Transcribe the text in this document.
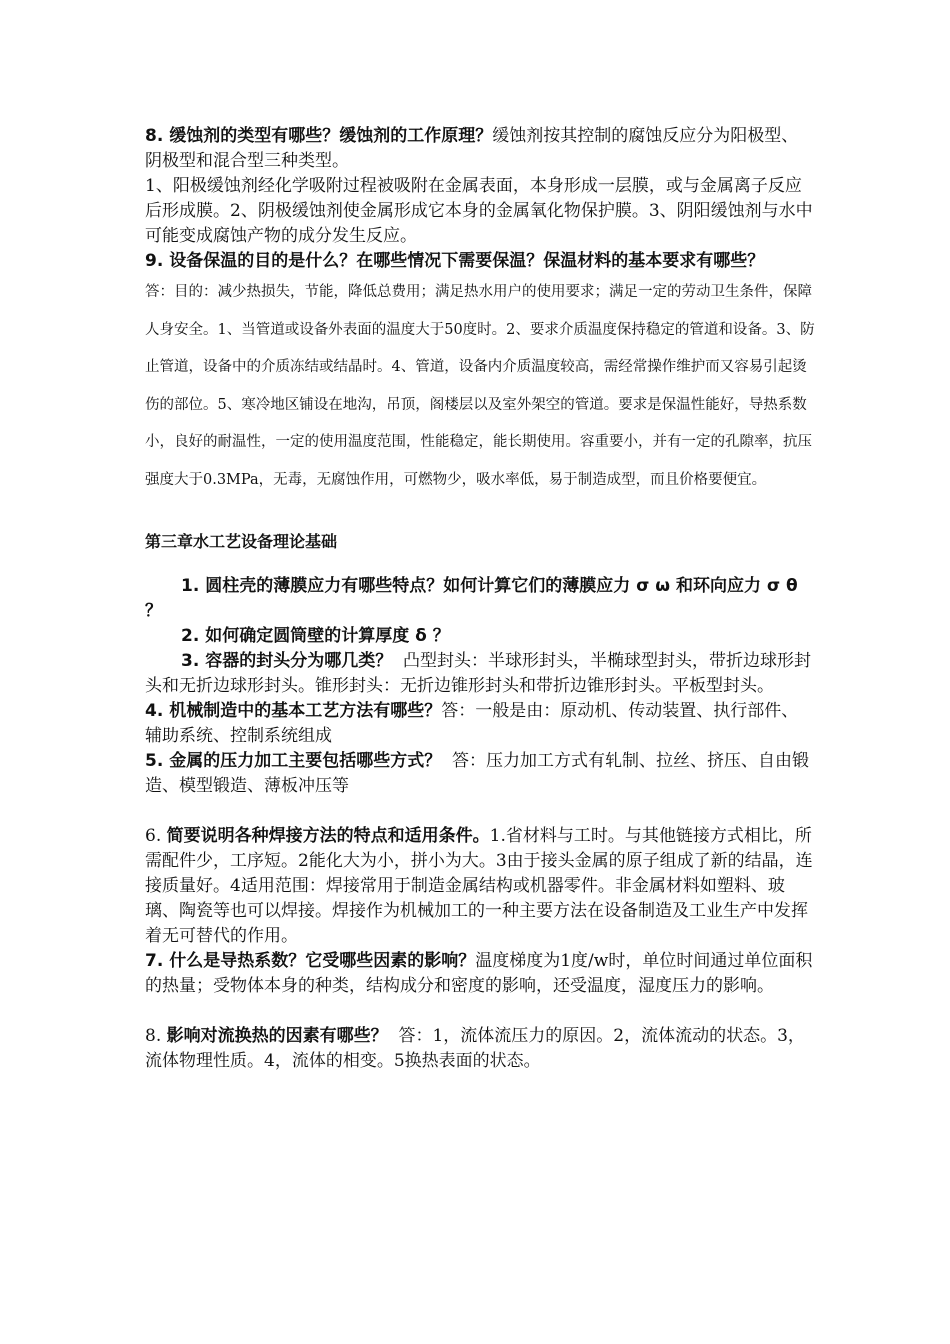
8. 缓蚀剂的类型有哪些？缓蚀剂的工作原理？缓蚀剂按其控制的腐蚀反应分为阳极型、阴极型和混合型三种类型。

1、阳极缓蚀剂经化学吸附过程被吸附在金属表面，本身形成一层膜，或与金属离子反应后形成膜。2、阴极缓蚀剂使金属形成它本身的金属氧化物保护膜。3、阴阳缓蚀剂与水中可能变成腐蚀产物的成分发生反应。

9. 设备保温的目的是什么？在哪些情况下需要保温？保温材料的基本要求有哪些？

答：目的：减少热损失，节能，降低总费用；满足热水用户的使用要求；满足一定的劳动卫生条件，保障人身安全。1、当管道或设备外表面的温度大于50度时。2、要求介质温度保持稳定的管道和设备。3、防止管道，设备中的介质冻结或结晶时。4、管道，设备内介质温度较高，需经常操作维护而又容易引起烫伤的部位。5、寒冷地区铺设在地沟，吊顶，阁楼层以及室外架空的管道。要求是保温性能好，导热系数小，良好的耐温性，一定的使用温度范围，性能稳定，能长期使用。容重要小，并有一定的孔隙率，抗压强度大于0.3MPa，无毒，无腐蚀作用，可燃物少，吸水率低，易于制造成型，而且价格要便宜。

第三章水工艺设备理论基础

1. 圆柱壳的薄膜应力有哪些特点？如何计算它们的薄膜应力 σ ω 和环向应力 σ θ ？

2. 如何确定圆筒壁的计算厚度 δ ？

3. 容器的封头分为哪几类？ 凸型封头：半球形封头，半椭球型封头，带折边球形封头和无折边球形封头。锥形封头：无折边锥形封头和带折边锥形封头。平板型封头。

4. 机械制造中的基本工艺方法有哪些？答：一般是由：原动机、传动装置、执行部件、辅助系统、控制系统组成

5. 金属的压力加工主要包括哪些方式？ 答：压力加工方式有轧制、拉丝、挤压、自由锻造、模型锻造、薄板冲压等

6. 简要说明各种焊接方法的特点和适用条件。1.省材料与工时。与其他链接方式相比，所需配件少，工序短。2能化大为小，拼小为大。3由于接头金属的原子组成了新的结晶，连接质量好。4适用范围：焊接常用于制造金属结构或机器零件。非金属材料如塑料、玻璃、陶瓷等也可以焊接。焊接作为机械加工的一种主要方法在设备制造及工业生产中发挥着无可替代的作用。

7. 什么是导热系数？它受哪些因素的影响？温度梯度为1度/w时，单位时间通过单位面积的热量；受物体本身的种类，结构成分和密度的影响，还受温度，湿度压力的影响。

8. 影响对流换热的因素有哪些？ 答：1，流体流压力的原因。2，流体流动的状态。3，流体物理性质。4，流体的相变。5换热表面的状态。
